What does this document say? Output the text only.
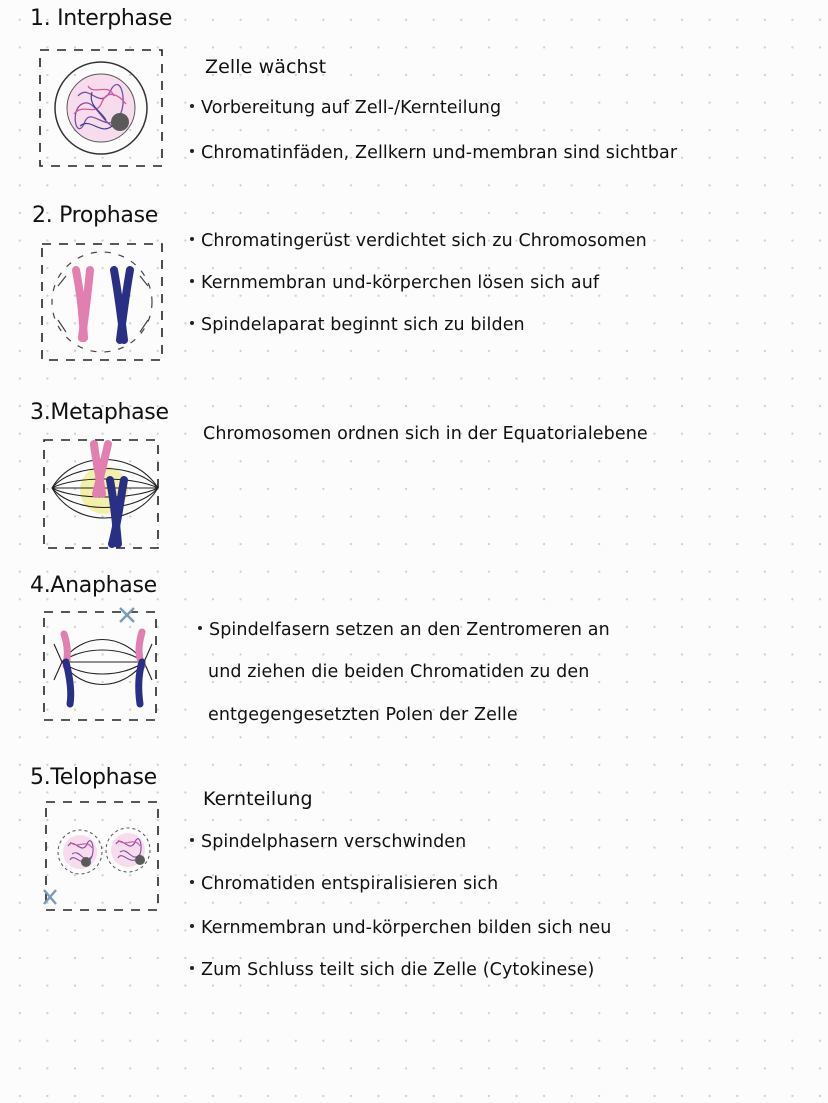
1. Interphase
Zelle wächst
Vorbereitung auf Zell-/Kernteilung
Chromatinfäden, Zellkern und-membran sind sichtbar
2. Prophase
Chromatingerüst verdichtet sich zu Chromosomen
Kernmembran und-körperchen lösen sich auf
Spindelaparat beginnt sich zu bilden
3.Metaphase
Chromosomen ordnen sich in der Equatorialebene
4.Anaphase
Spindelfasern setzen an den Zentromeren an
und ziehen die beiden Chromatiden zu den
entgegengesetzten Polen der Zelle
5.Telophase
Kernteilung
Spindelphasern verschwinden
Chromatiden entspiralisieren sich
Kernmembran und-körperchen bilden sich neu
Zum Schluss teilt sich die Zelle (Cytokinese)
